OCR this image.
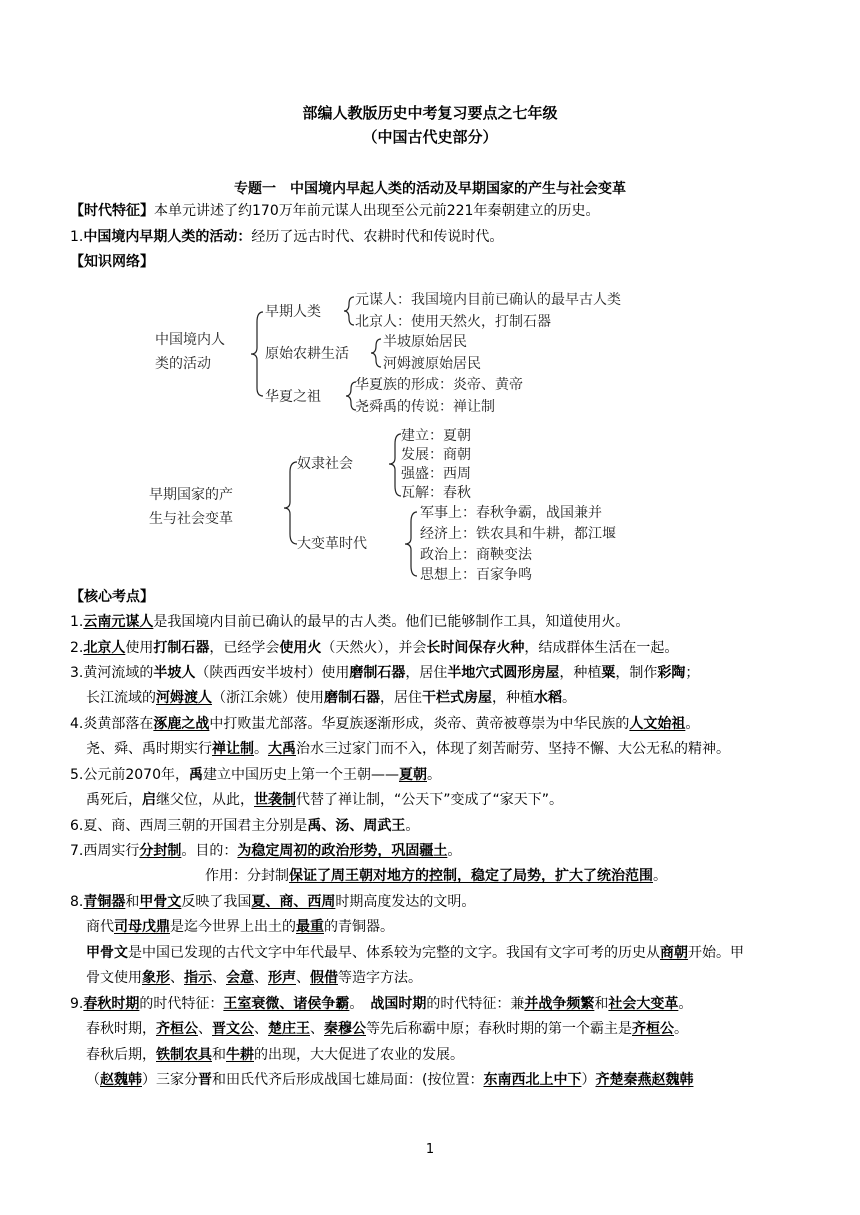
部编人教版历史中考复习要点之七年级
（中国古代史部分）
专题一　中国境内早起人类的活动及早期国家的产生与社会变革
【时代特征】本单元讲述了约170万年前元谋人出现至公元前221年秦朝建立的历史。
1.中国境内早期人类的活动：经历了远古时代、农耕时代和传说时代。
【知识网络】
中国境内人
类的活动
早期人类
原始农耕生活
华夏之祖
元谋人：我国境内目前已确认的最早古人类
北京人：使用天然火，打制石器
半坡原始居民
河姆渡原始居民
华夏族的形成：炎帝、黄帝
尧舜禹的传说：禅让制
早期国家的产
生与社会变革
奴隶社会
大变革时代
建立：夏朝
发展：商朝
强盛：西周
瓦解：春秋
军事上：春秋争霸，战国兼并
经济上：铁农具和牛耕，都江堰
政治上：商鞅变法
思想上：百家争鸣
【核心考点】
1.云南元谋人是我国境内目前已确认的最早的古人类。他们已能够制作工具，知道使用火。
2.北京人使用打制石器，已经学会使用火（天然火），并会长时间保存火种，结成群体生活在一起。
3.黄河流域的半坡人（陕西西安半坡村）使用磨制石器，居住半地穴式圆形房屋，种植粟，制作彩陶；
长江流域的河姆渡人（浙江余姚）使用磨制石器，居住干栏式房屋，种植水稻。
4.炎黄部落在涿鹿之战中打败蚩尤部落。华夏族逐渐形成，炎帝、黄帝被尊崇为中华民族的人文始祖。
尧、舜、禹时期实行禅让制。大禹治水三过家门而不入，体现了刻苦耐劳、坚持不懈、大公无私的精神。
5.公元前2070年，禹建立中国历史上第一个王朝——夏朝。
禹死后，启继父位，从此，世袭制代替了禅让制，“公天下”变成了“家天下”。
6.夏、商、西周三朝的开国君主分别是禹、汤、周武王。
7.西周实行分封制。目的：为稳定周初的政治形势，巩固疆土。
作用：分封制保证了周王朝对地方的控制，稳定了局势，扩大了统治范围。
8.青铜器和甲骨文反映了我国夏、商、西周时期高度发达的文明。
商代司母戊鼎是迄今世界上出土的最重的青铜器。
甲骨文是中国已发现的古代文字中年代最早、体系较为完整的文字。我国有文字可考的历史从商朝开始。甲
骨文使用象形、指示、会意、形声、假借等造字方法。
9.春秋时期的时代特征：王室衰微、诸侯争霸。　战国时期的时代特征：兼并战争频繁和社会大变革。
春秋时期，齐桓公、晋文公、楚庄王、秦穆公等先后称霸中原；春秋时期的第一个霸主是齐桓公。
春秋后期，铁制农具和牛耕的出现，大大促进了农业的发展。
（赵魏韩）三家分晋和田氏代齐后形成战国七雄局面：(按位置：东南西北上中下）齐楚秦燕赵魏韩
1
